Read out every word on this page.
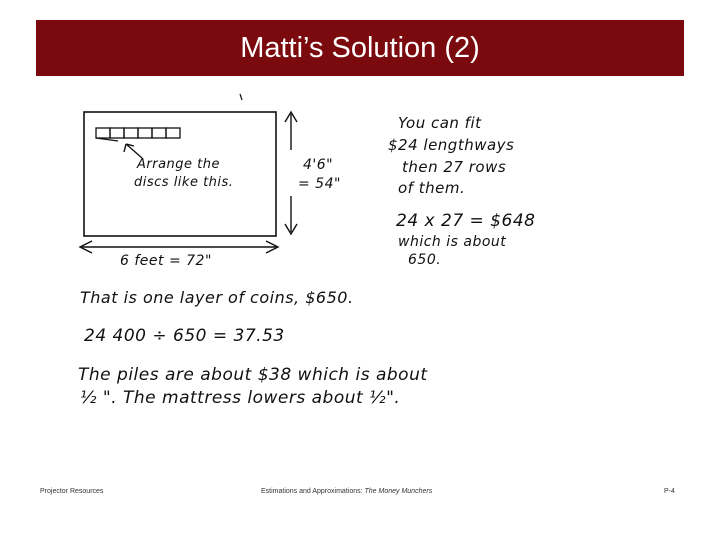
Matti’s Solution (2)
Arrange the
discs like this.
4'6"
= 54"
6 feet = 72"
You can fit
$24 lengthways
then 27 rows
of them.
24 x 27 = $648
which is about
650.
That is one layer of coins, $650.
24 400 ÷ 650 = 37.53
The piles are about $38 which is about
½ ". The mattress lowers about ½".
Projector Resources	Estimations and Approximations: The Money Munchers	P-4
